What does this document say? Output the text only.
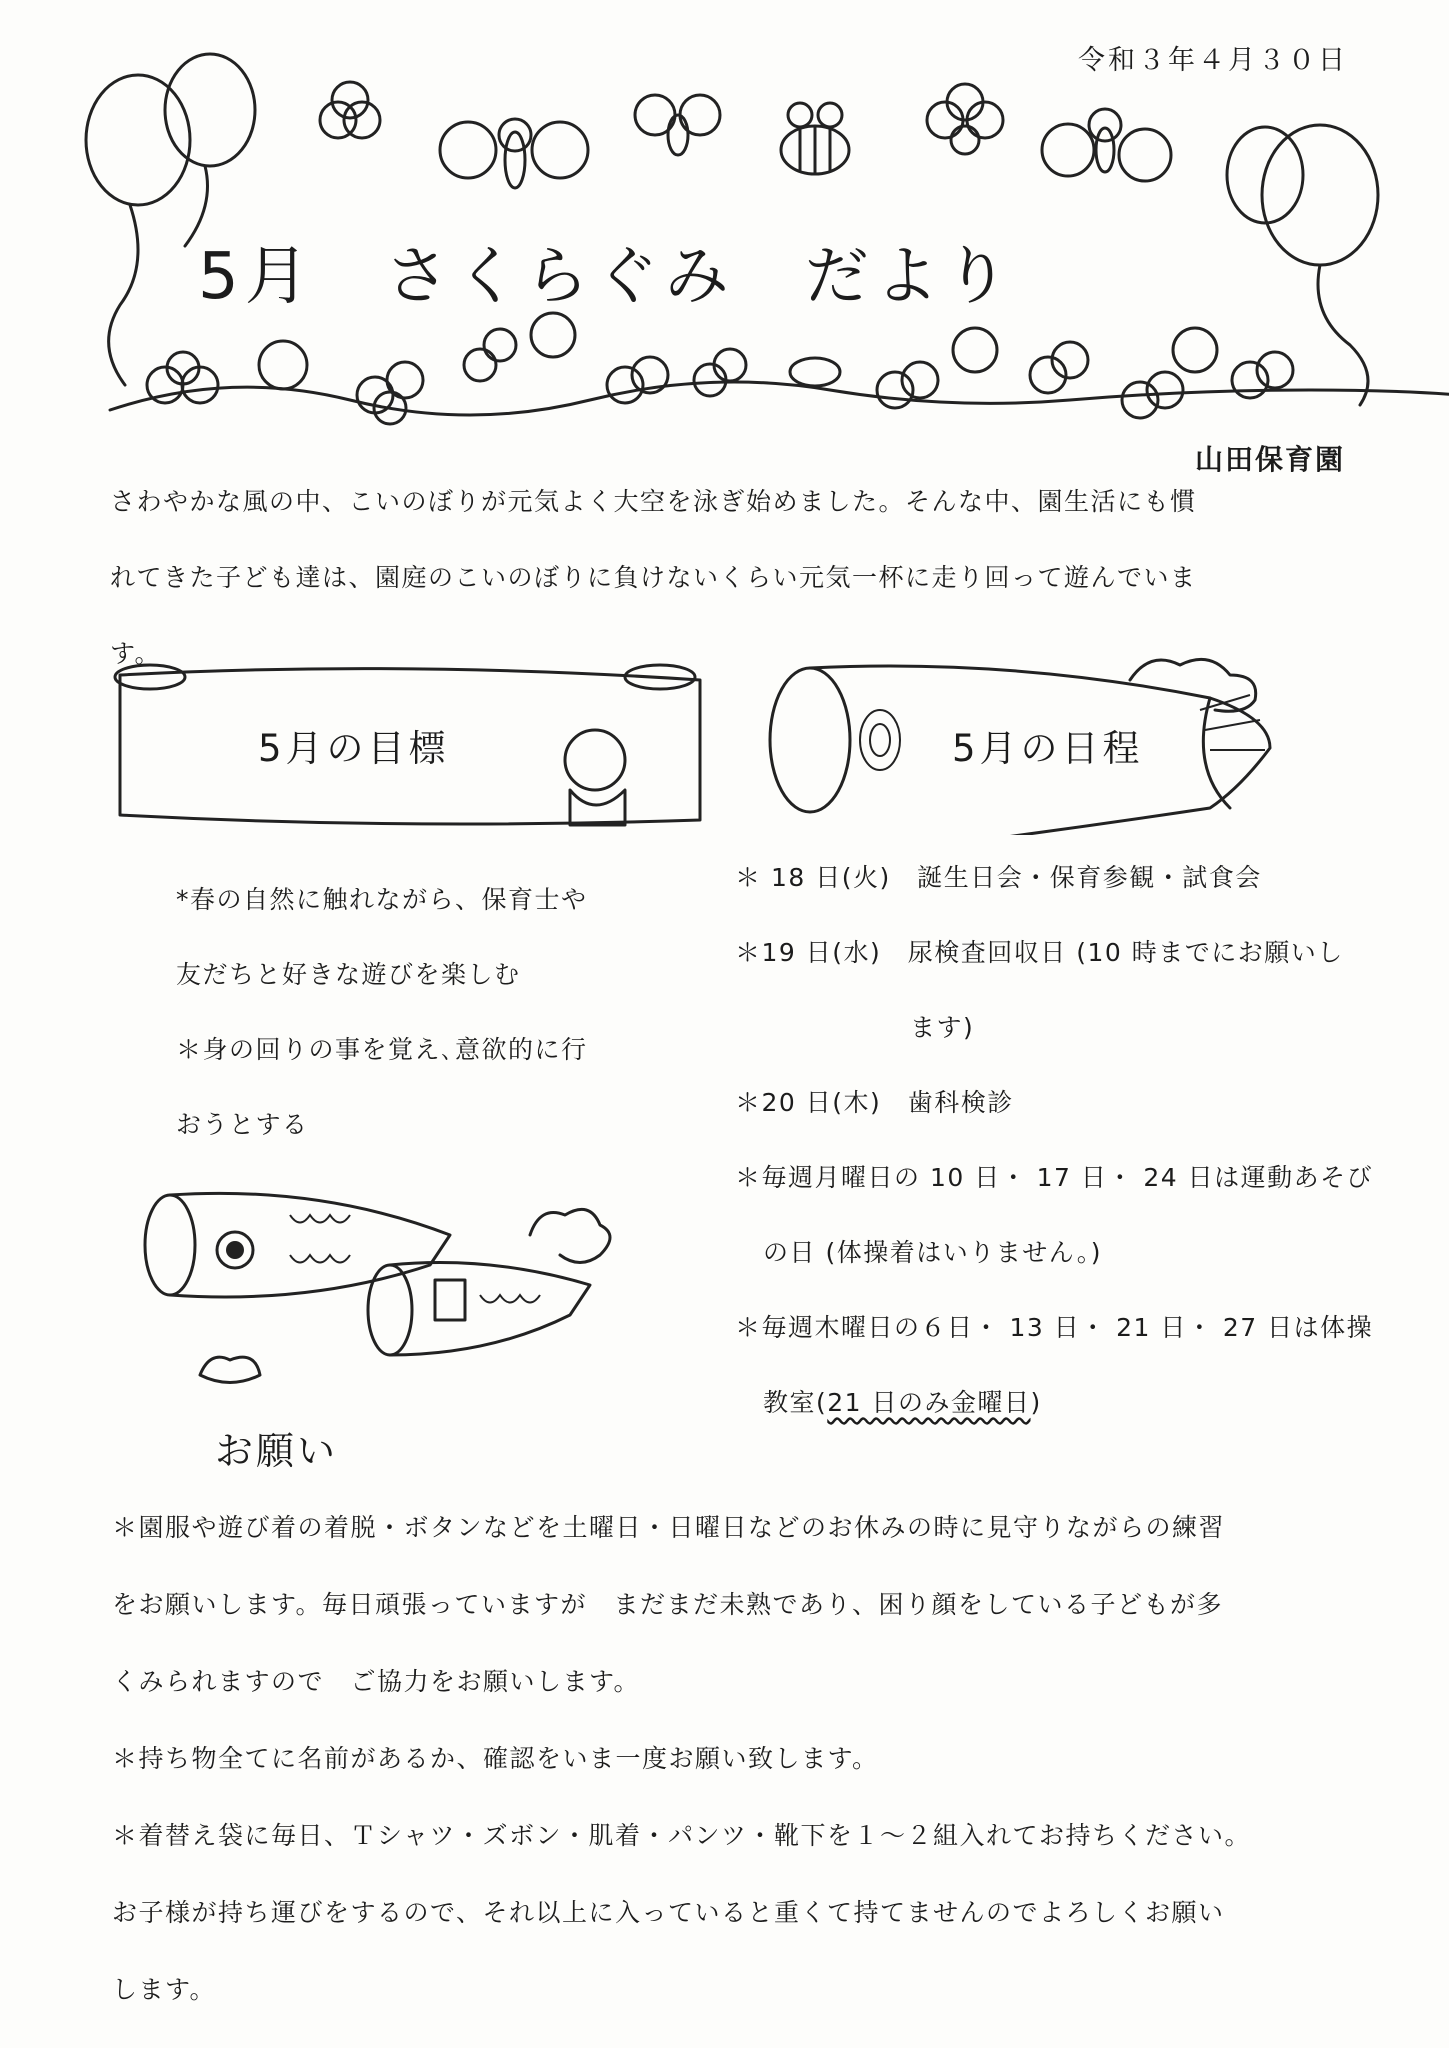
令和３年４月３０日
5月　さくらぐみ　だより
山田保育園
さわやかな風の中、こいのぼりが元気よく大空を泳ぎ始めました。そんな中、園生活にも慣
れてきた子ども達は、園庭のこいのぼりに負けないくらい元気一杯に走り回って遊んでいま
す。
5月の目標	5月の日程
*春の自然に触れながら、保育士や
友だちと好きな遊びを楽しむ
＊身の回りの事を覚え､意欲的に行
おうとする
＊ 18 日(火)　誕生日会・保育参観・試食会
＊19 日(水)　尿検査回収日 (10 時までにお願いし
ます)
＊20 日(木)　歯科検診
＊毎週月曜日の 10 日・ 17 日・ 24 日は運動あそび
の日 (体操着はいりません。)
＊毎週木曜日の６日・ 13 日・ 21 日・ 27 日は体操
教室(21 日のみ金曜日)
お願い
＊園服や遊び着の着脱・ボタンなどを土曜日・日曜日などのお休みの時に見守りながらの練習
をお願いします。毎日頑張っていますが　まだまだ未熟であり、困り顔をしている子どもが多
くみられますので　ご協力をお願いします。
＊持ち物全てに名前があるか、確認をいま一度お願い致します。
＊着替え袋に毎日、Ｔシャツ・ズボン・肌着・パンツ・靴下を１～２組入れてお持ちください。
お子様が持ち運びをするので、それ以上に入っていると重くて持てませんのでよろしくお願い
します。
